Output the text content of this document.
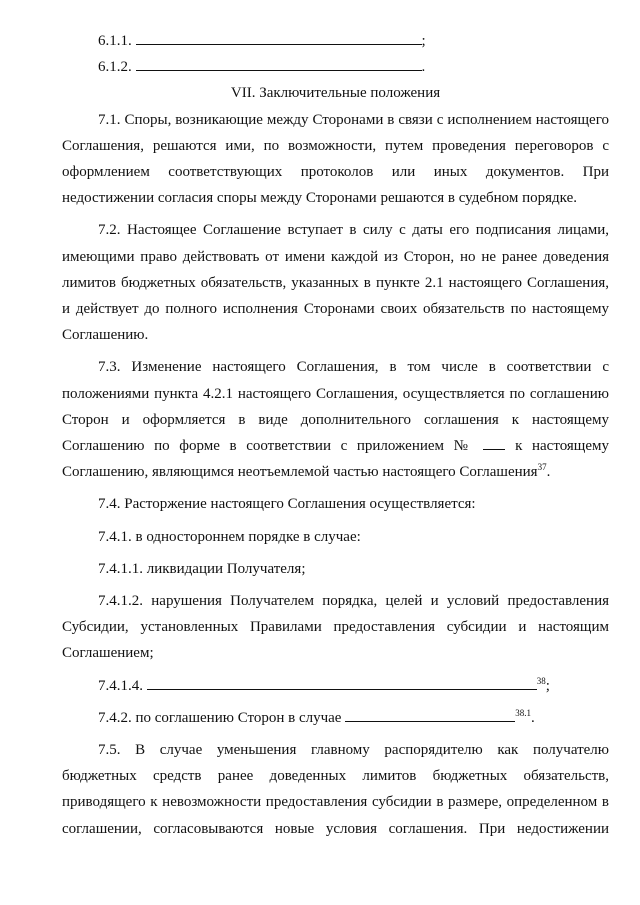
6.1.1.	;

6.1.2.	.

VII. Заключительные положения

7.1. Споры, возникающие между Сторонами в связи с исполнением настоящего Соглашения, решаются ими, по возможности, путем проведения переговоров с оформлением соответствующих протоколов или иных документов. При недостижении согласия споры между Сторонами решаются в судебном порядке.

7.2. Настоящее Соглашение вступает в силу с даты его подписания лицами, имеющими право действовать от имени каждой из Сторон, но не ранее доведения лимитов бюджетных обязательств, указанных в пункте 2.1 настоящего Соглашения, и действует до полного исполнения Сторонами своих обязательств по настоящему Соглашению.

7.3. Изменение настоящего Соглашения, в том числе в соответствии с положениями пункта 4.2.1 настоящего Соглашения, осуществляется по соглашению Сторон и оформляется в виде дополнительного соглашения к настоящему Соглашению по форме в соответствии с приложением №	к настоящему Соглашению, являющимся неотъемлемой частью настоящего Соглашения$^{37}$.

7.4. Расторжение настоящего Соглашения осуществляется:

7.4.1. в одностороннем порядке в случае:

7.4.1.1. ликвидации Получателя;

7.4.1.2. нарушения Получателем порядка, целей и условий предоставления Субсидии, установленных Правилами предоставления субсидии и настоящим Соглашением;

7.4.1.4.	$^{38}$;

7.4.2. по соглашению Сторон в случае	$^{38.1}$.

7.5. В случае уменьшения главному распорядителю как получателю бюджетных средств ранее доведенных лимитов бюджетных обязательств, приводящего к невозможности предоставления субсидии в размере, определенном в соглашении, согласовываются новые условия соглашения. При недостижении
